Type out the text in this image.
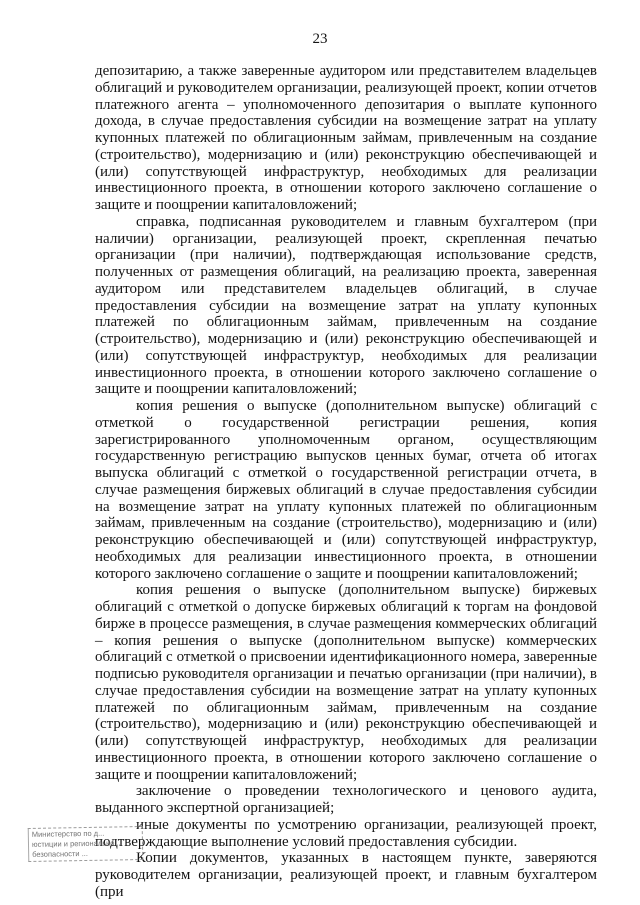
23

депозитарию, а также заверенные аудитором или представителем владельцев облигаций и руководителем организации, реализующей проект, копии отчетов платежного агента – уполномоченного депозитария о выплате купонного дохода, в случае предоставления субсидии на возмещение затрат на уплату купонных платежей по облигационным займам, привлеченным на создание (строительство), модернизацию и (или) реконструкцию обеспечивающей и (или) сопутствующей инфраструктур, необходимых для реализации инвестиционного проекта, в отношении которого заключено соглашение о защите и поощрении капиталовложений;

справка, подписанная руководителем и главным бухгалтером (при наличии) организации, реализующей проект, скрепленная печатью организации (при наличии), подтверждающая использование средств, полученных от размещения облигаций, на реализацию проекта, заверенная аудитором или представителем владельцев облигаций, в случае предоставления субсидии на возмещение затрат на уплату купонных платежей по облигационным займам, привлеченным на создание (строительство), модернизацию и (или) реконструкцию обеспечивающей и (или) сопутствующей инфраструктур, необходимых для реализации инвестиционного проекта, в отношении которого заключено соглашение о защите и поощрении капиталовложений;

копия решения о выпуске (дополнительном выпуске) облигаций с отметкой о государственной регистрации решения, копия зарегистрированного уполномоченным органом, осуществляющим государственную регистрацию выпусков ценных бумаг, отчета об итогах выпуска облигаций с отметкой о государственной регистрации отчета, в случае размещения биржевых облигаций в случае предоставления субсидии на возмещение затрат на уплату купонных платежей по облигационным займам, привлеченным на создание (строительство), модернизацию и (или) реконструкцию обеспечивающей и (или) сопутствующей инфраструктур, необходимых для реализации инвестиционного проекта, в отношении которого заключено соглашение о защите и поощрении капиталовложений;

копия решения о выпуске (дополнительном выпуске) биржевых облигаций с отметкой о допуске биржевых облигаций к торгам на фондовой бирже в процессе размещения, в случае размещения коммерческих облигаций – копия решения о выпуске (дополнительном выпуске) коммерческих облигаций с отметкой о присвоении идентификационного номера, заверенные подписью руководителя организации и печатью организации (при наличии), в случае предоставления субсидии на возмещение затрат на уплату купонных платежей по облигационным займам, привлеченным на создание (строительство), модернизацию и (или) реконструкцию обеспечивающей и (или) сопутствующей инфраструктур, необходимых для реализации инвестиционного проекта, в отношении которого заключено соглашение о защите и поощрении капиталовложений;

заключение о проведении технологического и ценового аудита, выданного экспертной организацией;

иные документы по усмотрению организации, реализующей проект, подтверждающие выполнение условий предоставления субсидии.

Копии документов, указанных в настоящем пункте, заверяются руководителем организации, реализующей проект, и главным бухгалтером (при

Министерство по д...
юстиции и регионально...
безопасности ...
